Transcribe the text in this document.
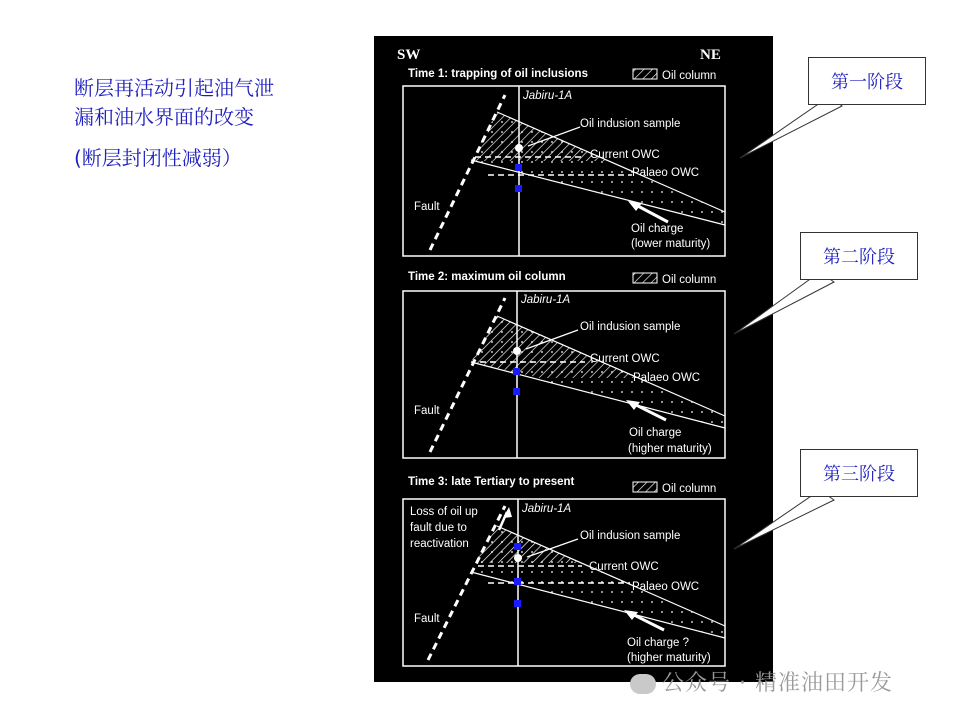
断层再活动引起油气泄
漏和油水界面的改变
(断层封闭性减弱）
SW	NE
Time 1: trapping of oil inclusions	Oil column
Jabiru-1A
Oil indusion sample
Current OWC
Palaeo OWC
Fault
Oil charge
(lower maturity)
Time 2: maximum oil column	Oil column
Jabiru-1A
Oil indusion sample
Current OWC
Palaeo OWC
Fault
Oil charge
(higher maturity)
Time 3: late Tertiary to present
Oil column
Jabiru-1A
Oil indusion sample
Current OWC
Palaeo OWC
Loss of oil up
fault due to
reactivation
Fault
Oil charge ?
(higher maturity)
第一阶段
第二阶段
第三阶段
公众号 · 精准油田开发
